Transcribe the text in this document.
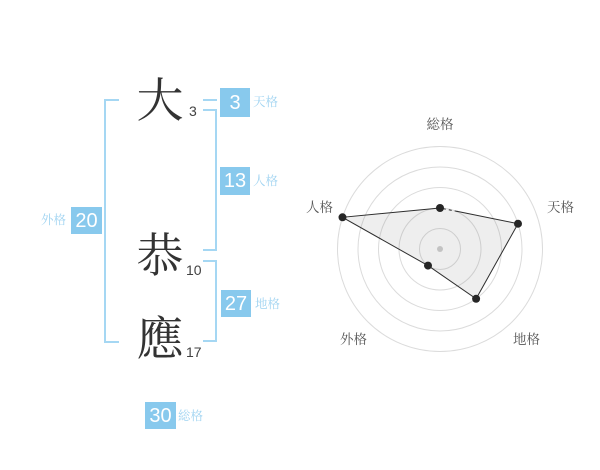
大 3
恭 10
應 17
3 天格
13 人格
27 地格
外格 20
30 総格
総格
天格
地格
外格
人格
